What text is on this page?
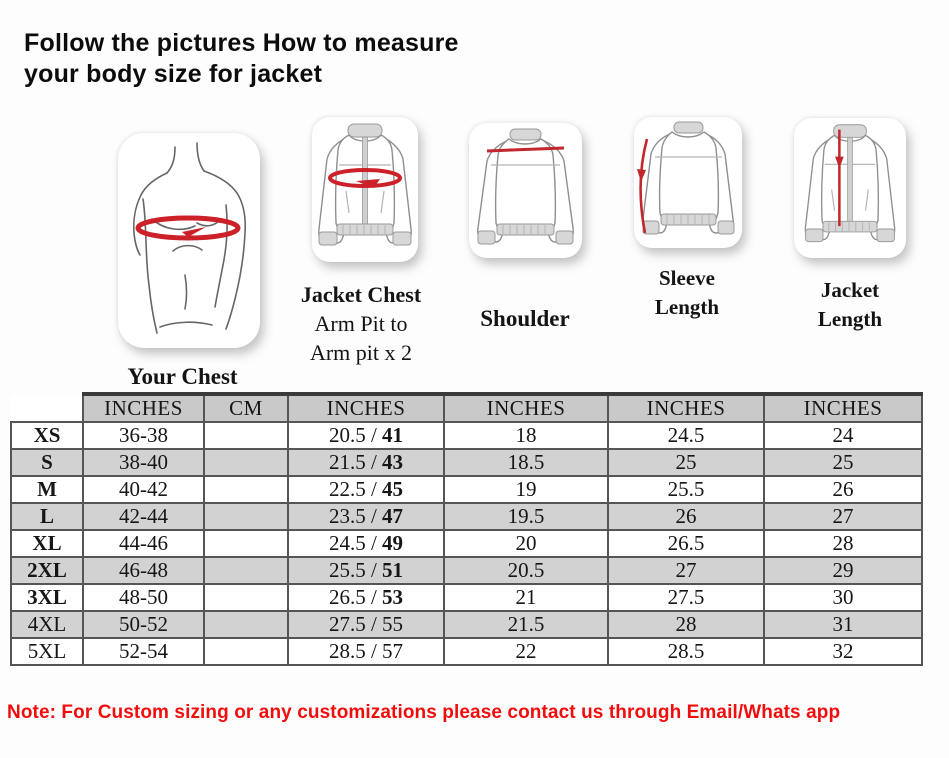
Follow the pictures How to measure
your body size for jacket
Your Chest
Jacket Chest
Arm Pit to
Arm pit x 2
Shoulder
Sleeve
Length
Jacket
Length
	INCHES	CM	INCHES	INCHES	INCHES	INCHES
XS	36-38		20.5 / 41	18	24.5	24
S	38-40		21.5 / 43	18.5	25	25
M	40-42		22.5 / 45	19	25.5	26
L	42-44		23.5 / 47	19.5	26	27
XL	44-46		24.5 / 49	20	26.5	28
2XL	46-48		25.5 / 51	20.5	27	29
3XL	48-50		26.5 / 53	21	27.5	30
4XL	50-52		27.5 / 55	21.5	28	31
5XL	52-54		28.5 / 57	22	28.5	32
Note: For Custom sizing or any customizations please contact us through Email/Whats app
